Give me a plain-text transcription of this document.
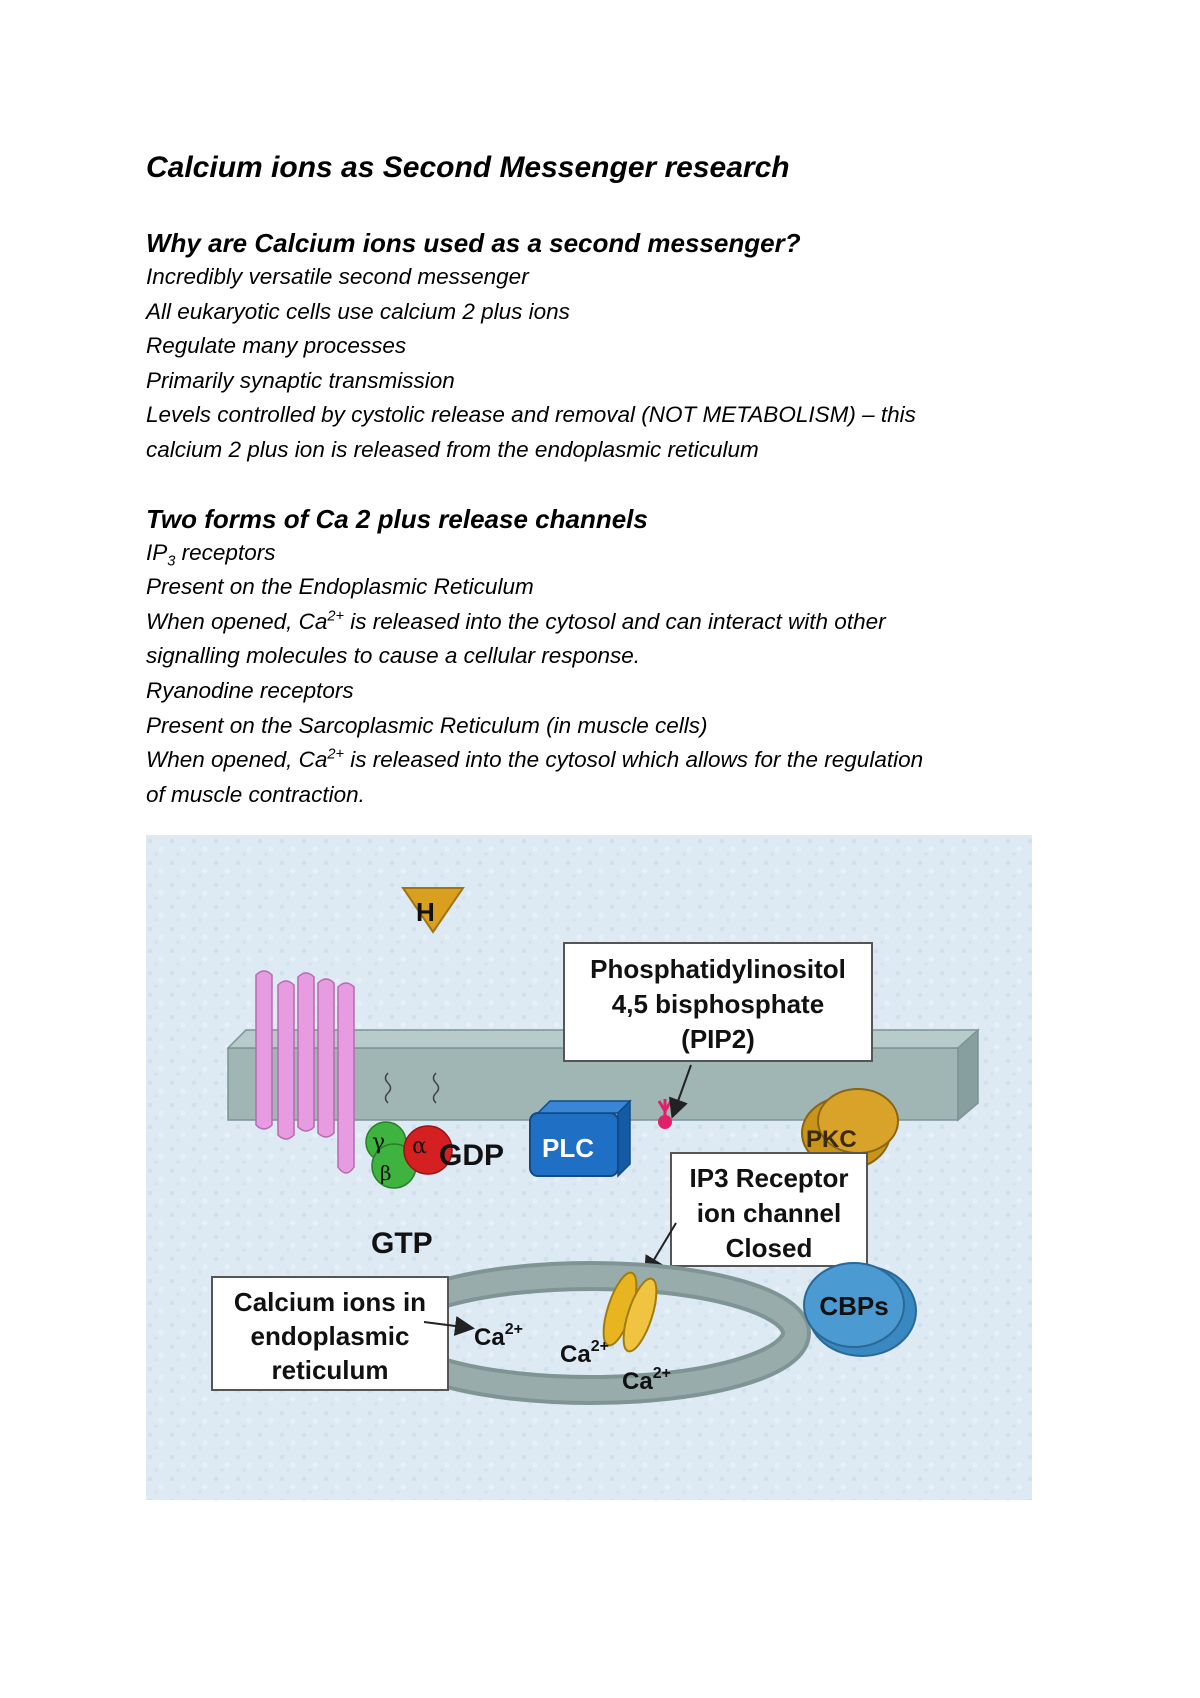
Calcium ions as Second Messenger research

Why are Calcium ions used as a second messenger?

Incredibly versatile second messenger

All eukaryotic cells use calcium 2 plus ions

Regulate many processes

Primarily synaptic transmission

Levels controlled by cystolic release and removal (NOT METABOLISM) – this

calcium 2 plus ion is released from the endoplasmic reticulum

Two forms of Ca 2 plus release channels

$IP_3$ receptors

Present on the Endoplasmic Reticulum

When opened, $Ca^{2+}$ is released into the cytosol and can interact with other

signalling molecules to cause a cellular response.

Ryanodine receptors

Present on the Sarcoplasmic Reticulum (in muscle cells)

When opened, $Ca^{2+}$ is released into the cytosol which allows for the regulation

of muscle contraction.

H
γ α
β
GDP
GTP
PLC
Phosphatidylinositol
4,5 bisphosphate
(PIP2)
PKC
IP3 Receptor
ion channel
Closed
Calcium ions in
endoplasmic
reticulum
$Ca^{2+}$
$Ca^{2+}$
$Ca^{2+}$
CBPs
